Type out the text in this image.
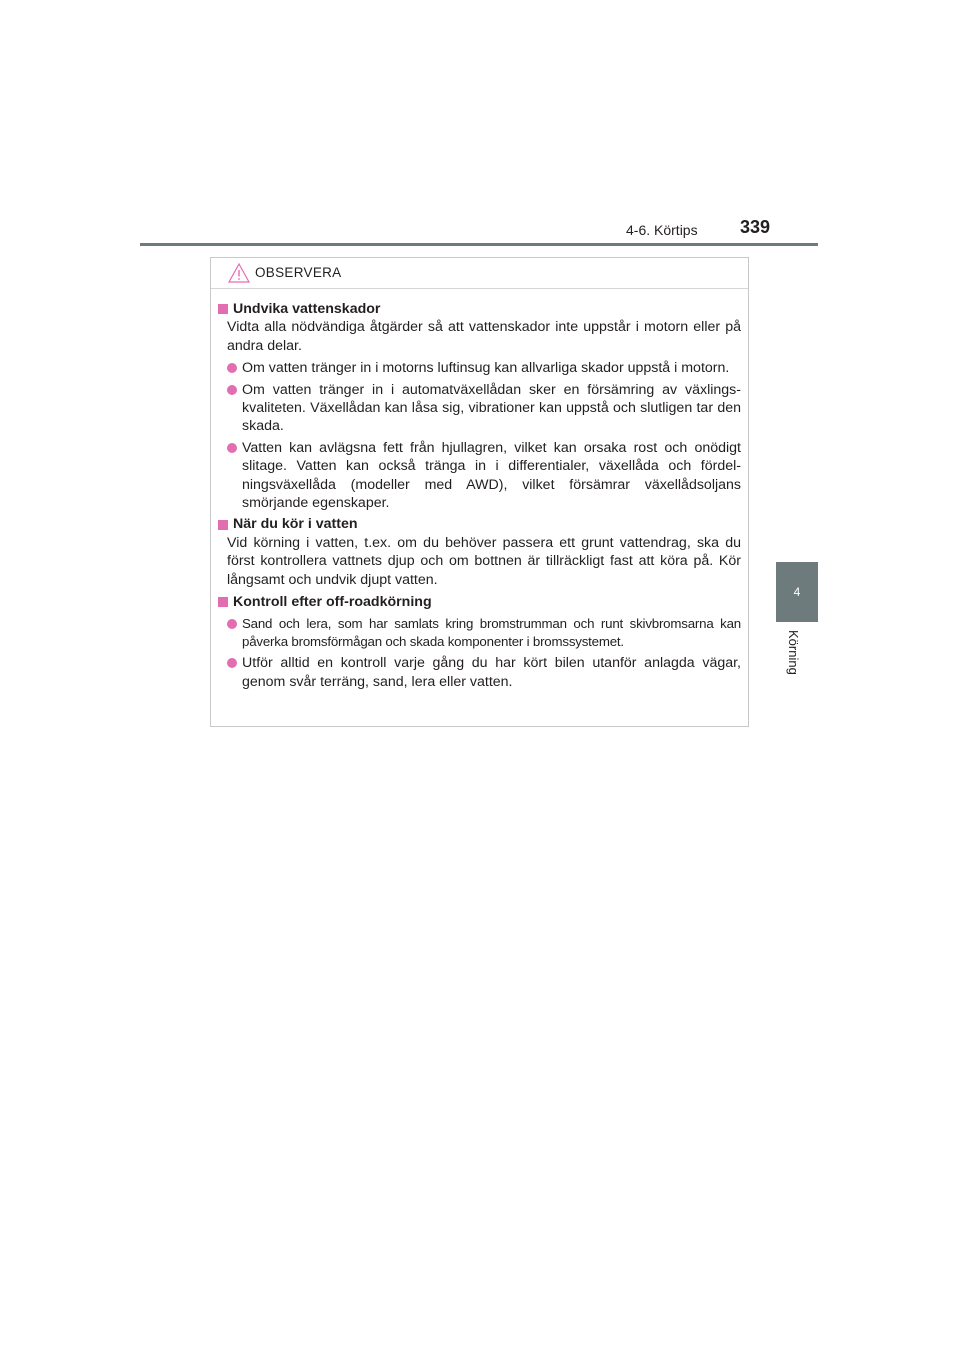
4-6. Körtips 339
4
Körning
OBSERVERA
Undvika vattenskador
Vidta alla nödvändiga åtgärder så att vattenskador inte uppstår i motorn eller på andra delar.
Om vatten tränger in i motorns luftinsug kan allvarliga skador uppstå i motorn.
Om vatten tränger in i automatväxellådan sker en försämring av växlings-kvaliteten. Växellådan kan låsa sig, vibrationer kan uppstå och slutligen tar den skada.
Vatten kan avlägsna fett från hjullagren, vilket kan orsaka rost och onödigt slitage. Vatten kan också tränga in i differentialer, växellåda och fördel-ningsväxellåda (modeller med AWD), vilket försämrar växellådsoljans smörjande egenskaper.
När du kör i vatten
Vid körning i vatten, t.ex. om du behöver passera ett grunt vattendrag, ska du först kontrollera vattnets djup och om bottnen är tillräckligt fast att köra på. Kör långsamt och undvik djupt vatten.
Kontroll efter off-roadkörning
Sand och lera, som har samlats kring bromstrumman och runt skivbromsarna kan påverka bromsförmågan och skada komponenter i bromssystemet.
Utför alltid en kontroll varje gång du har kört bilen utanför anlagda vägar, genom svår terräng, sand, lera eller vatten.
